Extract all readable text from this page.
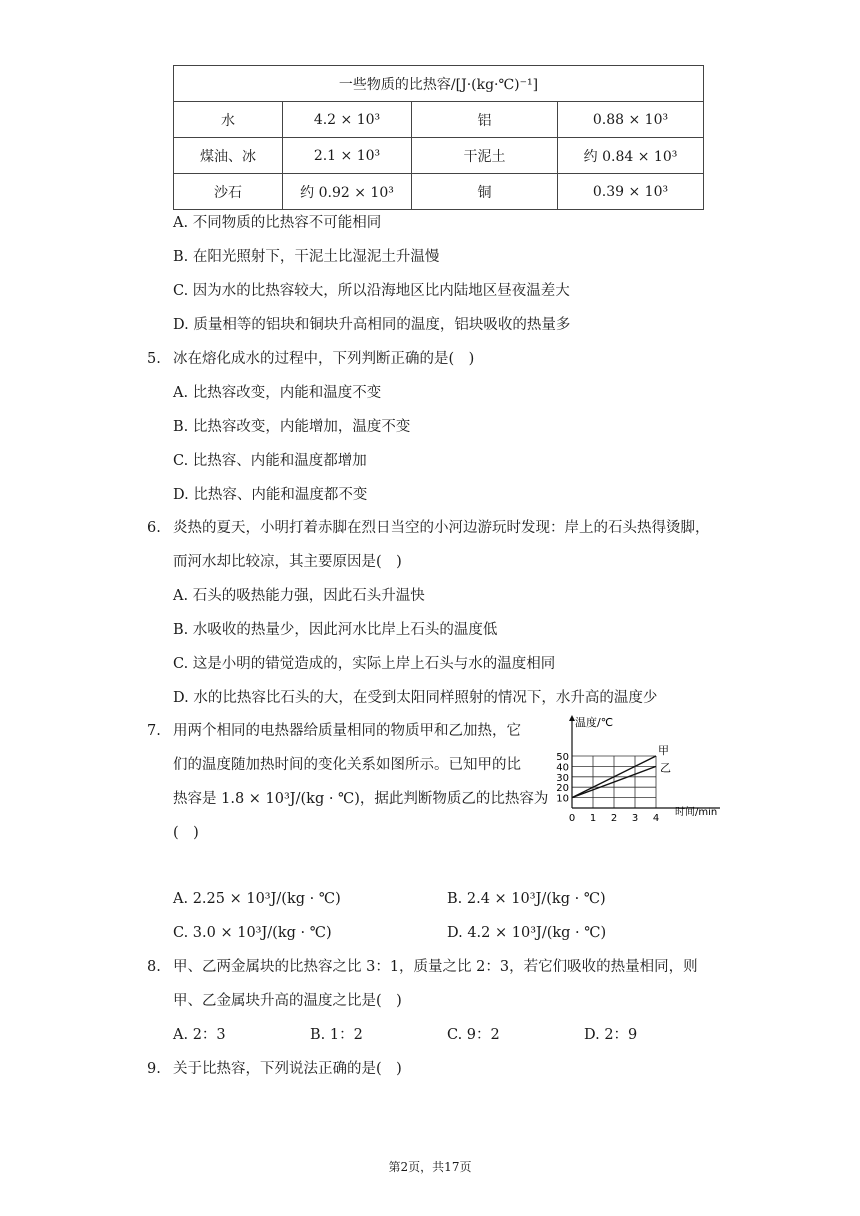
一些物质的比热容/[J·(kg·℃)⁻¹]			
水	4.2 × 10³	铝	0.88 × 10³
煤油、冰	2.1 × 10³	干泥土	约 0.84 × 10³
沙石	约 0.92 × 10³	铜	0.39 × 10³
A. 不同物质的比热容不可能相同
B. 在阳光照射下，干泥土比湿泥土升温慢
C. 因为水的比热容较大，所以沿海地区比内陆地区昼夜温差大
D. 质量相等的铝块和铜块升高相同的温度，铝块吸收的热量多
5. 冰在熔化成水的过程中，下列判断正确的是(　)
A. 比热容改变，内能和温度不变
B. 比热容改变，内能增加，温度不变
C. 比热容、内能和温度都增加
D. 比热容、内能和温度都不变
6. 炎热的夏天，小明打着赤脚在烈日当空的小河边游玩时发现：岸上的石头热得烫脚，
而河水却比较凉，其主要原因是(　)
A. 石头的吸热能力强，因此石头升温快
B. 水吸收的热量少，因此河水比岸上石头的温度低
C. 这是小明的错觉造成的，实际上岸上石头与水的温度相同
D. 水的比热容比石头的大，在受到太阳同样照射的情况下，水升高的温度少
7. 用两个相同的电热器给质量相同的物质甲和乙加热，它
们的温度随加热时间的变化关系如图所示。已知甲的比
热容是 1.8 × 10³J/(kg · ℃)，据此判断物质乙的比热容为
(　)
10
20
30
40
50
0 1 2 3 4
甲
乙
温度/℃
时间/min
A. 2.25 × 10³J/(kg · ℃)	B. 2.4 × 10³J/(kg · ℃)
C. 3.0 × 10³J/(kg · ℃)	D. 4.2 × 10³J/(kg · ℃)
8. 甲、乙两金属块的比热容之比 3：1，质量之比 2：3，若它们吸收的热量相同，则
甲、乙金属块升高的温度之比是(　)
A. 2：3	B. 1：2	C. 9：2	D. 2：9
9. 关于比热容，下列说法正确的是(　)
第2页，共17页
